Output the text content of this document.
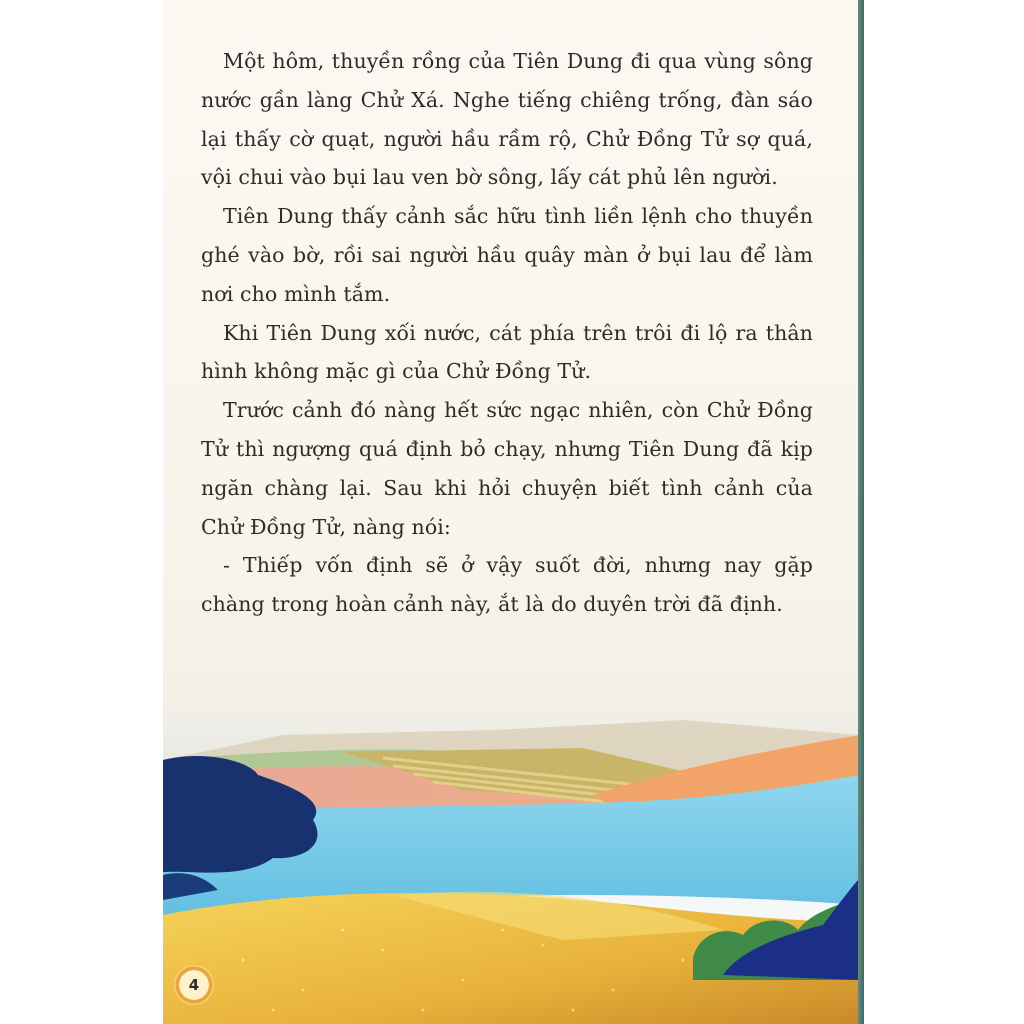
Một hôm, thuyền rồng của Tiên Dung đi qua vùng sông nước gần làng Chử Xá. Nghe tiếng chiêng trống, đàn sáo lại thấy cờ quạt, người hầu rầm rộ, Chử Đồng Tử sợ quá, vội chui vào bụi lau ven bờ sông, lấy cát phủ lên người.

Tiên Dung thấy cảnh sắc hữu tình liền lệnh cho thuyền ghé vào bờ, rồi sai người hầu quây màn ở bụi lau để làm nơi cho mình tắm.

Khi Tiên Dung xối nước, cát phía trên trôi đi lộ ra thân hình không mặc gì của Chử Đồng Tử.

Trước cảnh đó nàng hết sức ngạc nhiên, còn Chử Đồng Tử thì ngượng quá định bỏ chạy, nhưng Tiên Dung đã kịp ngăn chàng lại. Sau khi hỏi chuyện biết tình cảnh của Chử Đồng Tử, nàng nói:

- Thiếp vốn định sẽ ở vậy suốt đời, nhưng nay gặp chàng trong hoàn cảnh này, ắt là do duyên trời đã định.

4
